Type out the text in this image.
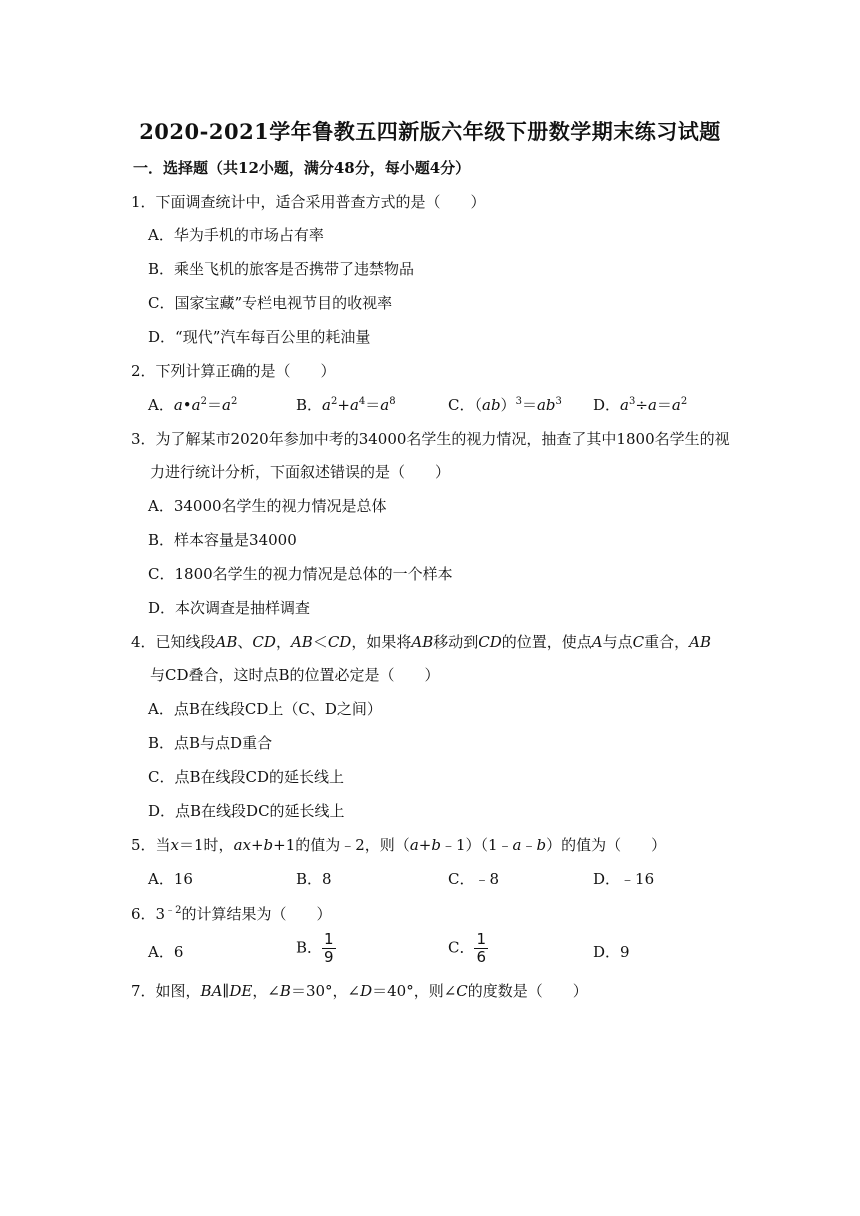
2020-2021学年鲁教五四新版六年级下册数学期末练习试题
一．选择题（共12小题，满分48分，每小题4分）
1．下面调查统计中，适合采用普查方式的是（　　）
A．华为手机的市场占有率
B．乘坐飞机的旅客是否携带了违禁物品
C．国家宝藏”专栏电视节目的收视率
D．“现代”汽车每百公里的耗油量
2．下列计算正确的是（　　）
A．$a•a^2=a^2$	B．$a^2+a^4=a^8$	C．$(ab)^3=ab^3$ D．$a^3\div a=a^2$
3．为了解某市2020年参加中考的34000名学生的视力情况，抽查了其中1800名学生的视
力进行统计分析，下面叙述错误的是（　　）
A．34000名学生的视力情况是总体
B．样本容量是34000
C．1800名学生的视力情况是总体的一个样本
D．本次调查是抽样调查
4．已知线段AB、CD，AB＜CD，如果将AB移动到CD的位置，使点A与点C重合，AB
与CD叠合，这时点B的位置必定是（　　）
A．点B在线段CD上（C、D之间）
B．点B与点D重合
C．点B在线段CD的延长线上
D．点B在线段DC的延长线上
5．当x＝1时，ax+b+1的值为﹣2，则（a+b﹣1）（1﹣a﹣b）的值为（　　）
A．16	B．8	C．﹣8	D．﹣16
6．$3^{﹣2}$的计算结果为（　　）
A．6	B． $\frac{1}{9}$	C． $\frac{1}{6}$	D．9
7．如图，BA∥DE，∠B＝30°，∠D＝40°，则∠C的度数是（　　）
